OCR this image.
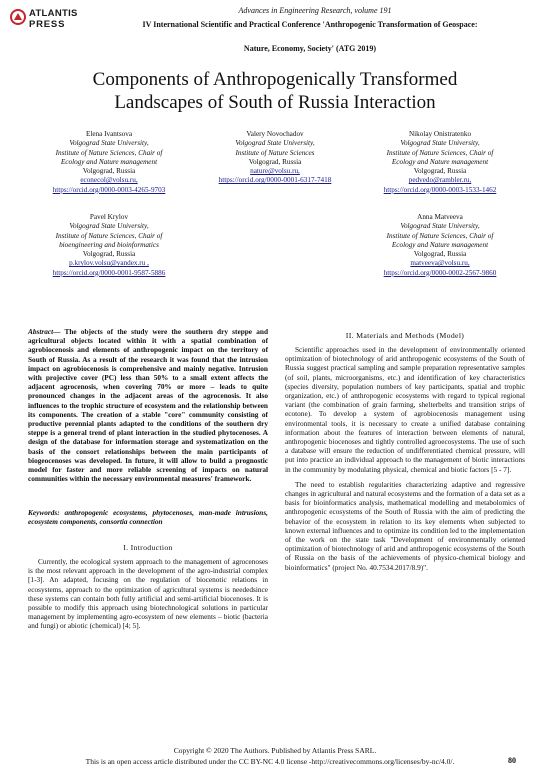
ATLANTIS
PRESS
Advances in Engineering Research, volume 191
IV International Scientific and Practical Conference 'Anthropogenic Transformation of Geospace:
Nature, Economy, Society' (ATG 2019)
Components of Anthropogenically Transformed
Landscapes of South of Russia Interaction
Elena Ivantsova
Volgograd State University,
Institute of Nature Sciences, Chair of
Ecology and Nature management
Volgograd, Russia
econecol@volsu.ru,
https://orcid.org/0000-0003-4265-9703
Valery Novochadov
Volgograd State University,
Institute of Nature Sciences
Volgograd, Russia
nature@volsu.ru,
https://orcid.org/0000-0001-6317-7418
Nikolay Onistratenko
Volgograd State University,
Institute of Nature Sciences, Chair of
Ecology and Nature management
Volgograd, Russia
pedvedo@rambler.ru,
https://orcid.org/0000-0003-1533-1462
Pavel Krylov
Volgograd State University,
Institute of Nature Sciences, Chair of
bioengineering and bioinformatics
Volgograd, Russia
p.krylov.volsu@yandex.ru ,
https://orcid.org/0000-0001-9587-5886
Anna Matveeva
Volgograd State University,
Institute of Nature Sciences, Chair of
Ecology and Nature management
Volgograd, Russia
matveeva@volsu.ru,
https://orcid.org/0000-0002-2567-9860

Abstract— The objects of the study were the southern dry steppe and agricultural objects located within it with a spatial combination of agrobiocenosis and elements of anthropogenic impact on the territory of South of Russia. As a result of the research it was found that the intrusion impact on agrobiocenosis is comprehensive and mainly negative. Intrusion with projective cover (PC) less than 50% to a small extent affects the adjacent agrocenosis, when covering 70% or more – leads to quite pronounced changes in the adjacent areas of the agrocenosis. It also influences to the trophic structure of ecosystem and the relationship between its components. The creation of a stable "core" community consisting of productive perennial plants adapted to the conditions of the southern dry steppe is a general trend of plant interaction in the studied phytocenoses. A design of the database for information storage and systematization on the basis of the consort relationships between the main participants of biogeocenoses was developed. In future, it will allow to build a prognostic model for faster and more reliable screening of impacts on natural communities within the necessary environmental measures' framework.

Keywords: anthropogenic ecosystems, phytocenoses, man-made intrusions, ecosystem components, consortia connection

I. Introduction

Currently, the ecological system approach to the management of agrocenoses is the most relevant approach in the development of the agro-industrial complex [1-3]. An adapted, focusing on the regulation of biocenotic relations in ecosystems, approach to the optimization of agricultural systems is neededsince these systems can contain both fully artificial and semi-artificial biocenoses. It is possible to modify this approach using biotechnological solutions in particular management by implementing agro-ecosystem of new elements – biotic (bacteria and fungi) or abiotic (chemical) [4; 5].

II. Materials and Methods (Model)

Scientific approaches used in the development of environmentally oriented optimization of biotechnology of arid anthropogenic ecosystems of the South of Russia suggest practical sampling and sample preparation representative samples (of soil, plants, microorganisms, etc.) and identification of key characteristics (species diversity, population numbers of key participants, spatial and trophic organization, etc.) of anthropogenic ecosystems with regard to typical regional variant (the combination of grain farming, shelterbelts and transition strips of ecotone). To develop a system of agrobiocenosis management using environmental tools, it is necessary to create a unified database containing information about the features of interaction between elements of natural, anthropogenic biocenoses and tightly controlled agroecosystems. The use of such a database will ensure the reduction of undifferentiated chemical pressure, will put into practice an individual approach to the management of biotic interactions in the community by modulating physical, chemical and biotic factors [5 - 7].

The need to establish regularities characterizing adaptive and regressive changes in agricultural and natural ecosystems and the formation of a data set as a basis for bioinformatics analysis, mathematical modelling and metabolomics of anthropogenic ecosystems of the South of Russia with the aim of predicting the behavior of the ecosystem in relation to its key elements when subjected to known external influences and to optimize its condition led to the implementation of the work on the state task "Development of environmentally oriented optimization of biotechnology of arid and anthropogenic ecosystems of the South of Russia on the basis of the achievements of physico-chemical biology and bioinformatics" (project No. 40.7534.2017/8.9)".

Copyright © 2020 The Authors. Published by Atlantis Press SARL.
This is an open access article distributed under the CC BY-NC 4.0 license -http://creativecommons.org/licenses/by-nc/4.0/.	80
